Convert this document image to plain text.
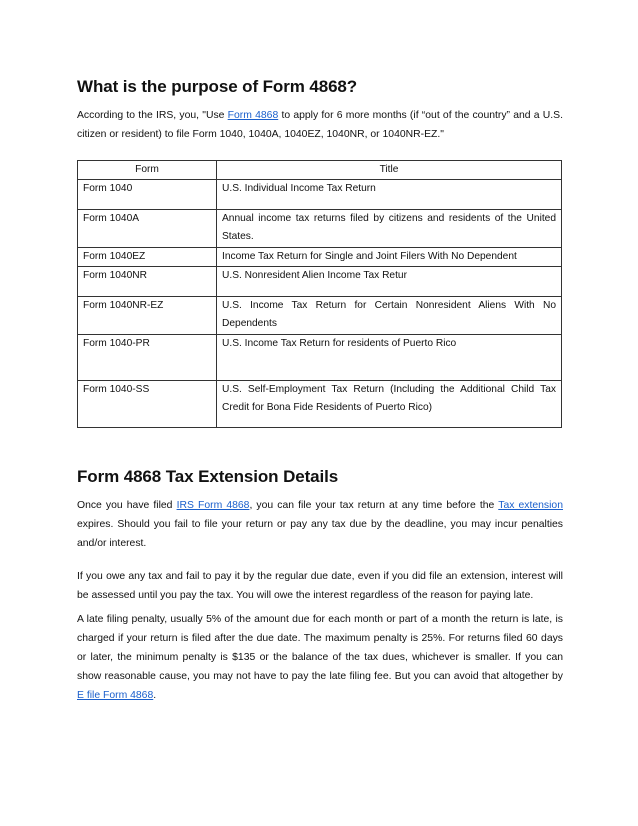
What is the purpose of Form 4868?

According to the IRS, you, "Use Form 4868 to apply for 6 more months (if “out of the country” and a U.S. citizen or resident) to file Form 1040, 1040A, 1040EZ, 1040NR, or 1040NR-EZ."

Form	Title
Form 1040	U.S. Individual Income Tax Return
Form 1040A	Annual income tax returns filed by citizens and residents of the United States.
Form 1040EZ	Income Tax Return for Single and Joint Filers With No Dependent
Form 1040NR	U.S. Nonresident Alien Income Tax Retur
Form 1040NR-EZ	U.S. Income Tax Return for Certain Nonresident Aliens With No Dependents
Form 1040-PR	U.S. Income Tax Return for residents of Puerto Rico
Form 1040-SS	U.S. Self-Employment Tax Return (Including the Additional Child Tax Credit for Bona Fide Residents of Puerto Rico)
Form 4868 Tax Extension Details

Once you have filed IRS Form 4868, you can file your tax return at any time before the Tax extension expires. Should you fail to file your return or pay any tax due by the deadline, you may incur penalties and/or interest.

If you owe any tax and fail to pay it by the regular due date, even if you did file an extension, interest will be assessed until you pay the tax. You will owe the interest regardless of the reason for paying late.

A late filing penalty, usually 5% of the amount due for each month or part of a month the return is late, is charged if your return is filed after the due date. The maximum penalty is 25%. For returns filed 60 days or later, the minimum penalty is $135 or the balance of the tax dues, whichever is smaller. If you can show reasonable cause, you may not have to pay the late filing fee. But you can avoid that altogether by E file Form 4868.
